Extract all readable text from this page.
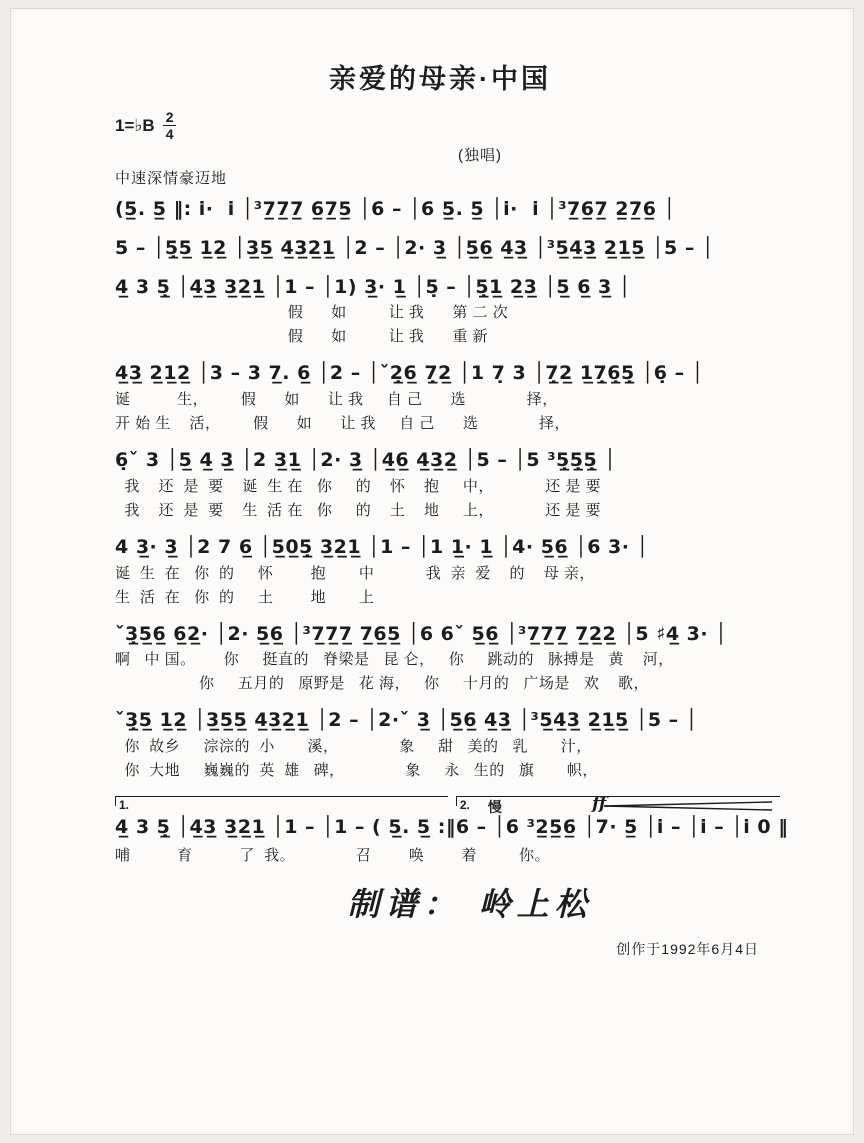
亲爱的母亲·中国
1=♭B $\frac{2}{4}$
中速深情豪迈地
(独唱)
(5̲. 5̲ ‖: i·  i │³7̲7̲7̲ 6̲7̲5̲ │6 – │6 5̲. 5̲ │i·  i │³7̲6̲7̲ 2̲7̲6̲ │
5 – │5̲̣5̲ 1̲2̲ │3̲5̲ 4̲3̲2̲1̲ │2 – │2· 3̲ │5̲6̲ 4̲3̲ │³5̲4̲3̲ 2̲1̲5̲ │5 – │
4̲ 3 5̲̣ │4̲3̲ 3̲2̲1̲ │1 – │1) 3̲· 1̲ │5̣ – │5̲̣1̲ 2̲3̲ │5̲ 6̲ 3̲ │
假      如         让 我      第 二 次
假      如         让 我      重 新
4̲3̲ 2̲1̲2̲ │3 – 3 7̲. 6̲ │2 – │ˇ2̲̣6̲ 7̲̣2̲ │1 7̣ 3 │7̲̣2̲ 1̲7̲̣6̲̣5̲̣ │6̣ – │
诞          生，       假      如      让 我     自 己      选             择，
开 始 生    活，       假      如      让 我     自 己      选             择，
6̣ˇ 3 │5̲ 4̲ 3̲ │2 3̲1̲ │2· 3̲ │4̲6̲ 4̲3̲2̲ │5 – │5 ³5̲̣5̲̣5̲̣ │
我    还  是  要    诞  生 在   你     的    怀    抱     中，           还 是 要
我    还  是  要    生  活 在   你     的    土    地     上，           还 是 要
4 3̲· 3̲ │2 7 6̲ │5̲0̲5̲̣ 3̲2̲1̲ │1 – │1 1̲· 1̲ │4· 5̲6̲ │6 3· │
诞  生  在   你  的     怀        抱       中           我  亲  爱    的    母 亲，
生  活  在   你  的     土        地       上
ˇ3̲̣5̲6̲ 6̲2̲· │2· 5̲6̲ │³7̲7̲7̲ 7̲6̲5̲ │6 6ˇ 5̲6̲ │³7̲7̲7̲ 7̲2̲2̲ │5 ♯4̲ 3· │
啊   中 国。      你     挺直的   脊梁是   昆 仑，   你     跳动的   脉搏是   黄    河，
你     五月的   原野是   花 海，   你     十月的   广场是   欢    歌，
ˇ3̲̣5̲ 1̲2̲ │3̲5̲5̲ 4̲3̲2̲1̲ │2 – │2·ˇ 3̲ │5̲6̲ 4̲3̲ │³5̲4̲3̲ 2̲1̲5̲ │5 – │
你  故乡     淙淙的  小       溪，             象     甜   美的   乳       汁，
你  大地     巍巍的  英  雄   碑，             象     永   生的   旗       帜，
1.
4̲ 3 5̲̣ │4̲3̲ 3̲2̲1̲ │1 – │1 – ( 5̲. 5̲ :‖
2. 慢	ff
6 – │6 ³2̲5̲6̲ │7· 5̲ │i – │i – │i 0 ‖
哺          育          了  我。             召        唤        着         你。
制谱： 岭上松
创作于1992年6月4日
